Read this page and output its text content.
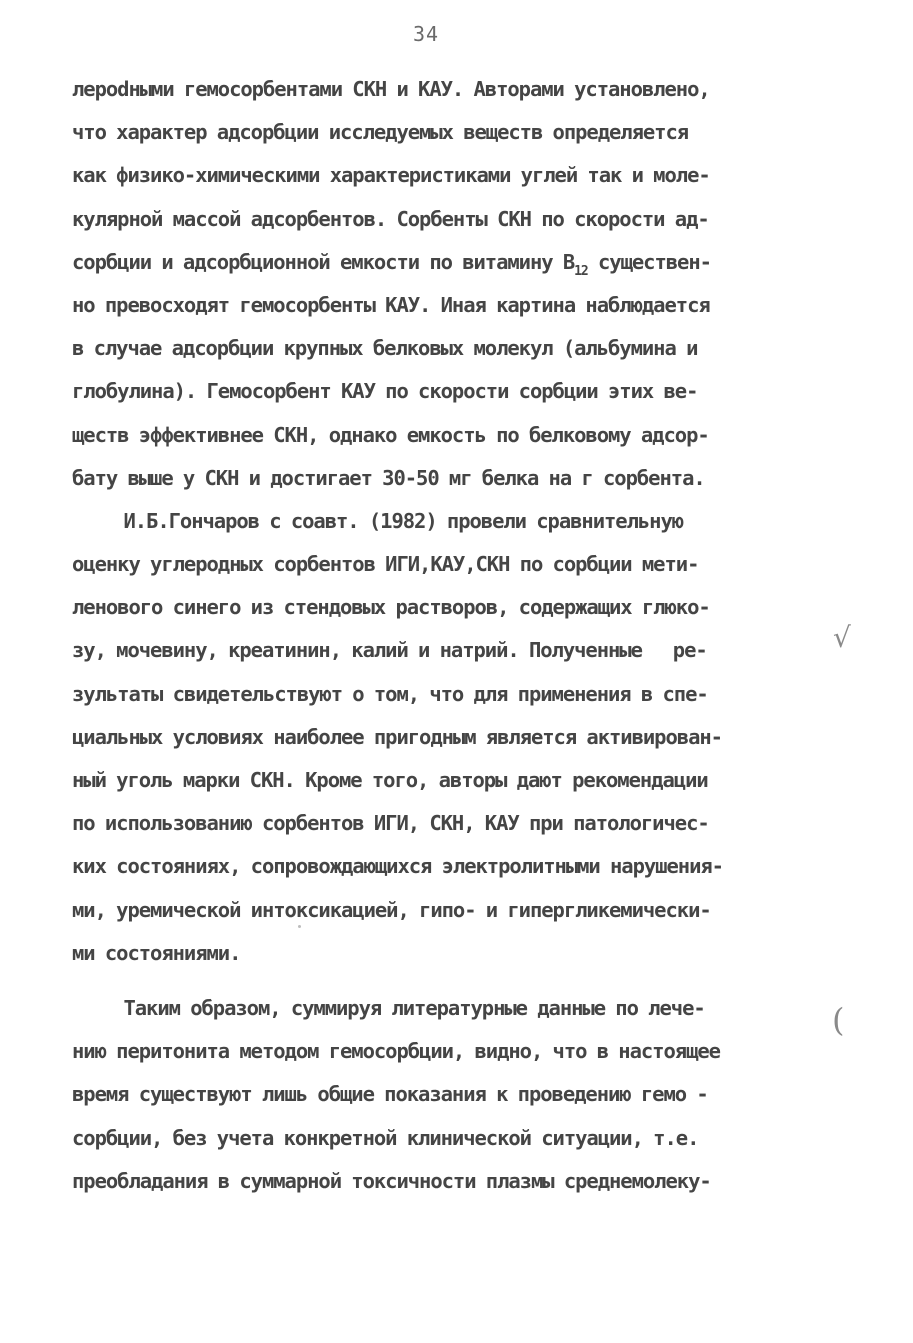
34
лерodными гемосорбентами СКН и КАУ. Авторами установлено,
что характер адсорбции исследуемых веществ определяется
как физико-химическими характеристиками углей так и моле-
кулярной массой адсорбентов. Сорбенты СКН по скорости ад-
сорбции и адсорбционной емкости по витамину $В_{12}$ существен-
но превосходят гемосорбенты КАУ. Иная картина наблюдается
в случае адсорбции крупных белковых молекул (альбумина и
глобулина). Гемосорбент КАУ по скорости сорбции этих ве-
ществ эффективнее СКН, однако емкость по белковому адсор-
бату выше у СКН и достигает 30-50 мг белка на г сорбента.
И.Б.Гончаров с соавт. (1982) провели сравнительную
оценку углеродных сорбентов ИГИ,КАУ,СКН по сорбции мети-
ленового синего из стендовых растворов, содержащих глюко-
зу, мочевину, креатинин, калий и натрий. Полученные   ре-
зультаты свидетельствуют о том, что для применения в спе-
циальных условиях наиболее пригодным является активирован-
ный уголь марки СКН. Кроме того, авторы дают рекомендации
по использованию сорбентов ИГИ, СКН, КАУ при патологичес-
ких состояниях, сопровождающихся электролитными нарушения-
ми, уремической интоксикацией, гипо- и гипергликемически-
ми состояниями.
Таким образом, суммируя литературные данные по лече-
нию перитонита методом гемосорбции, видно, что в настоящее
время существуют лишь общие показания к проведению гемо -
сорбции, без учета конкретной клинической ситуации, т.е.
преобладания в суммарной токсичности плазмы среднемолеку-
√
(
